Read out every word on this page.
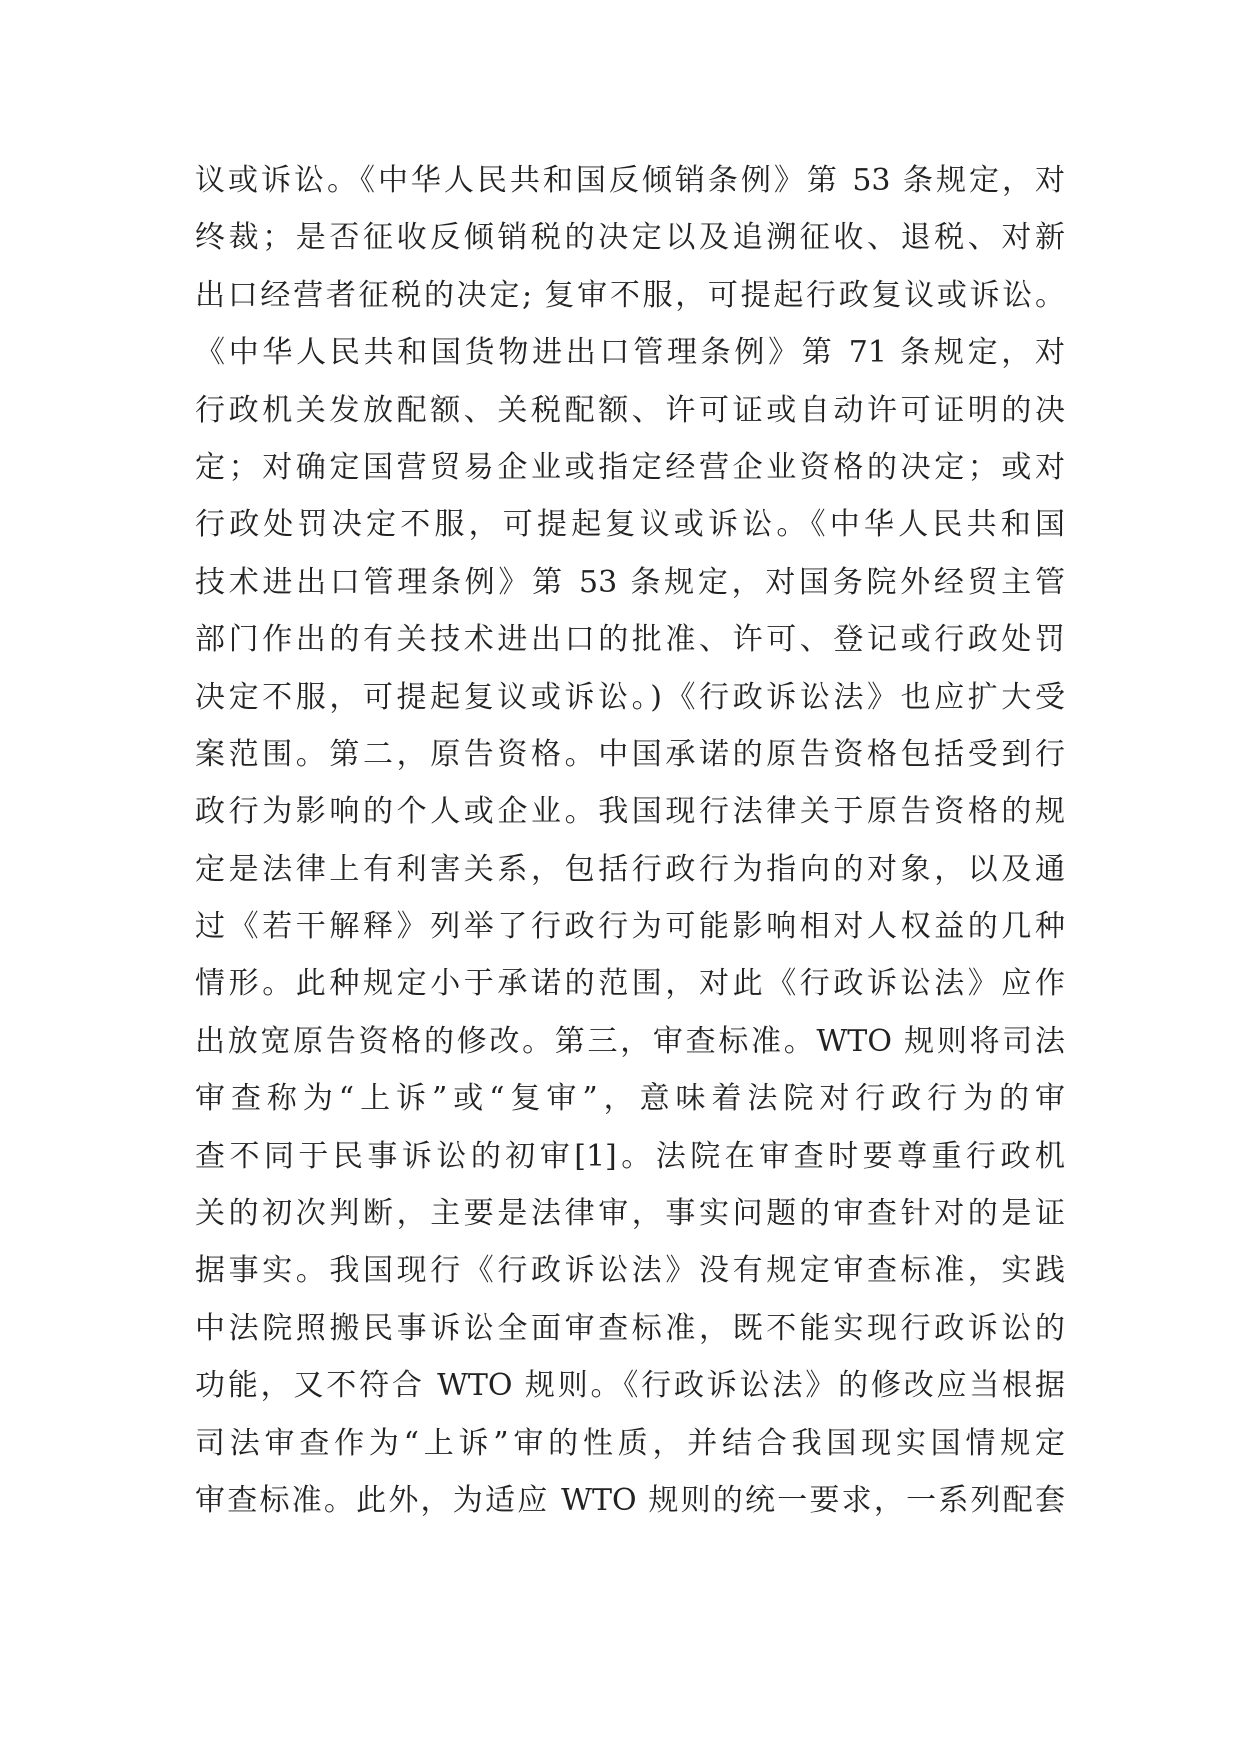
议或诉讼。《中华人民共和国反倾销条例》第 53 条规定，对
终裁；是否征收反倾销税的决定以及追溯征收、退税、对新
出口经营者征税的决定; 复审不服，可提起行政复议或诉讼。
《中华人民共和国货物进出口管理条例》第 71 条规定，对
行政机关发放配额、关税配额、许可证或自动许可证明的决
定；对确定国营贸易企业或指定经营企业资格的决定；或对
行政处罚决定不服，可提起复议或诉讼。《中华人民共和国
技术进出口管理条例》第 53 条规定，对国务院外经贸主管
部门作出的有关技术进出口的批准、许可、登记或行政处罚
决定不服，可提起复议或诉讼。)《行政诉讼法》也应扩大受
案范围。第二，原告资格。中国承诺的原告资格包括受到行
政行为影响的个人或企业。我国现行法律关于原告资格的规
定是法律上有利害关系，包括行政行为指向的对象，以及通
过《若干解释》列举了行政行为可能影响相对人权益的几种
情形。此种规定小于承诺的范围，对此《行政诉讼法》应作
出放宽原告资格的修改。第三，审查标准。WTO 规则将司法
审查称为“上诉”或“复审”，意味着法院对行政行为的审
查不同于民事诉讼的初审[1]。法院在审查时要尊重行政机
关的初次判断，主要是法律审，事实问题的审查针对的是证
据事实。我国现行《行政诉讼法》没有规定审查标准，实践
中法院照搬民事诉讼全面审查标准，既不能实现行政诉讼的
功能，又不符合 WTO 规则。《行政诉讼法》的修改应当根据
司法审查作为“上诉”审的性质，并结合我国现实国情规定
审查标准。此外，为适应 WTO 规则的统一要求，一系列配套
